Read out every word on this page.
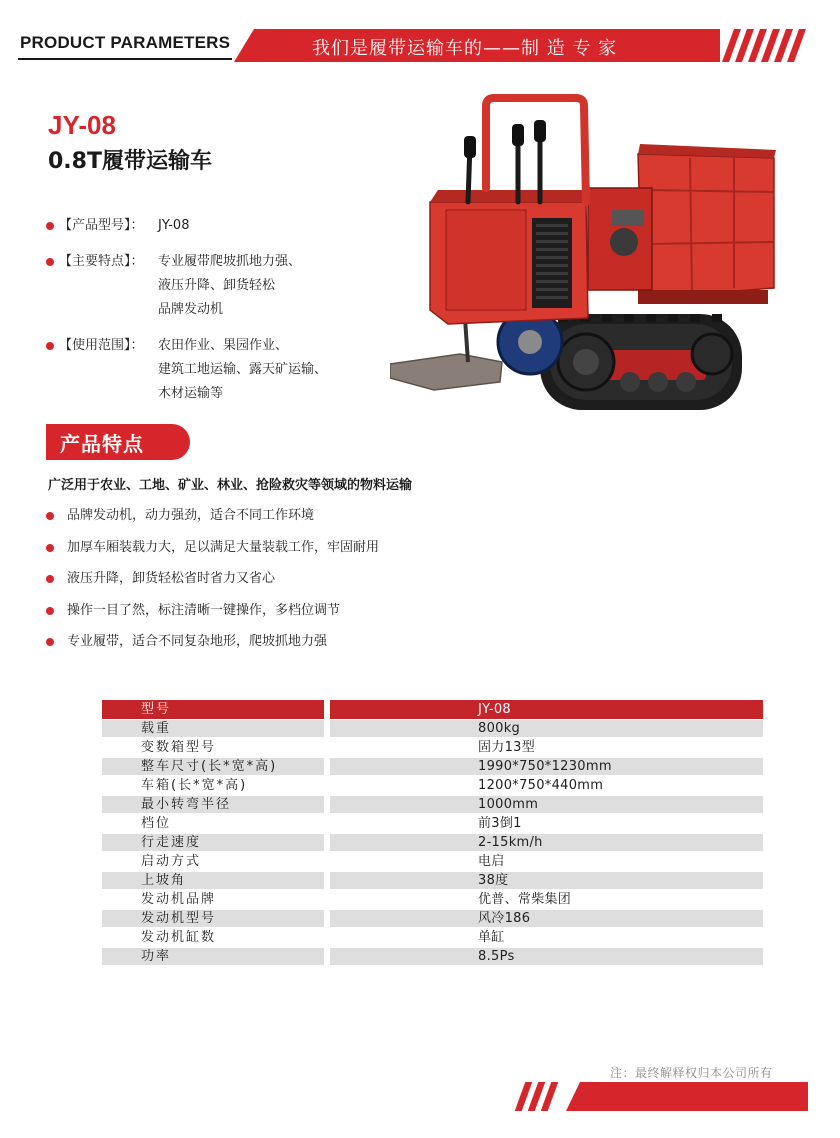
PRODUCT PARAMETERS	我们是履带运输车的——制 造 专 家
JY-08
0.8T履带运输车
【产品型号】： JY-08
【主要特点】： 专业履带爬坡抓地力强、
液压升降、卸货轻松
品牌发动机
【使用范围】： 农田作业、果园作业、
建筑工地运输、露天矿运输、
木材运输等
产品特点
广泛用于农业、工地、矿业、林业、抢险救灾等领域的物料运输
品牌发动机，动力强劲，适合不同工作环境
加厚车厢装载力大，足以满足大量装载工作，牢固耐用
液压升降，卸货轻松省时省力又省心
操作一目了然，标注清晰一键操作，多档位调节
专业履带，适合不同复杂地形，爬坡抓地力强
型号	JY-08
载重	800kg
变数箱型号	固力13型
整车尺寸(长*宽*高)	1990*750*1230mm
车箱(长*宽*高)	1200*750*440mm
最小转弯半径	1000mm
档位	前3倒1
行走速度	2-15km/h
启动方式	电启
上坡角	38度
发动机品牌	优普、常柴集团
发动机型号	风冷186
发动机缸数	单缸
功率	8.5Ps
注：最终解释权归本公司所有
